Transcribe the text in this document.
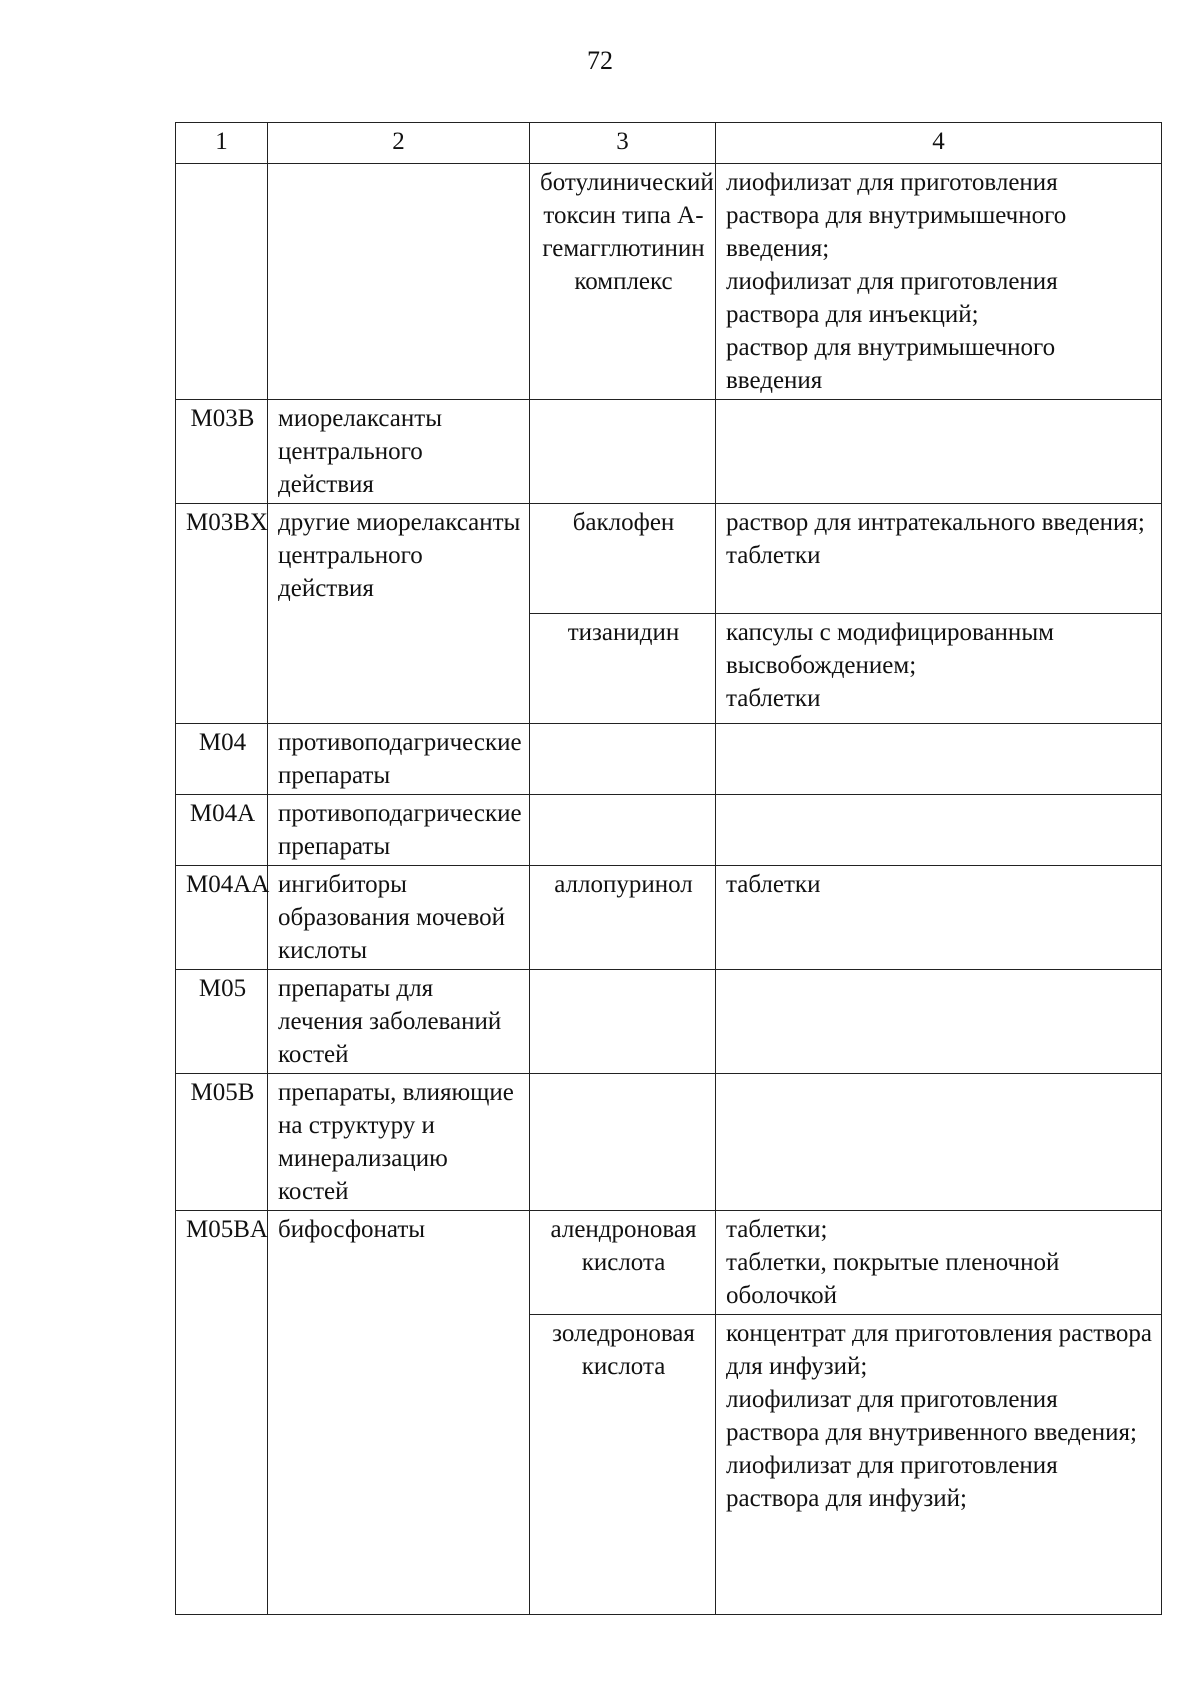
72
1	2	3	4
		ботулинический токсин типа А-гемагглютинин комплекс	лиофилизат для приготовления раствора для внутримышечного введения;
лиофилизат для приготовления раствора для инъекций;
раствор для внутримышечного введения

M03B	миорелаксанты центрального действия		
M03BX	другие миорелаксанты центрального действия	баклофен	раствор для интратекального введения;
таблетки

		тизанидин	капсулы с модифицированным высвобождением;
таблетки

M04	противоподагрические препараты		
M04A	противоподагрические препараты		
M04AA	ингибиторы образования мочевой кислоты	аллопуринол	таблетки

M05	препараты для лечения заболеваний костей		
M05B	препараты, влияющие на структуру и минерализацию костей		
M05BA	бифосфонаты	алендроновая кислота	таблетки;
таблетки, покрытые пленочной оболочкой

		золедроновая кислота	концентрат для приготовления раствора для инфузий;
лиофилизат для приготовления раствора для внутривенного введения;
лиофилизат для приготовления раствора для инфузий;
